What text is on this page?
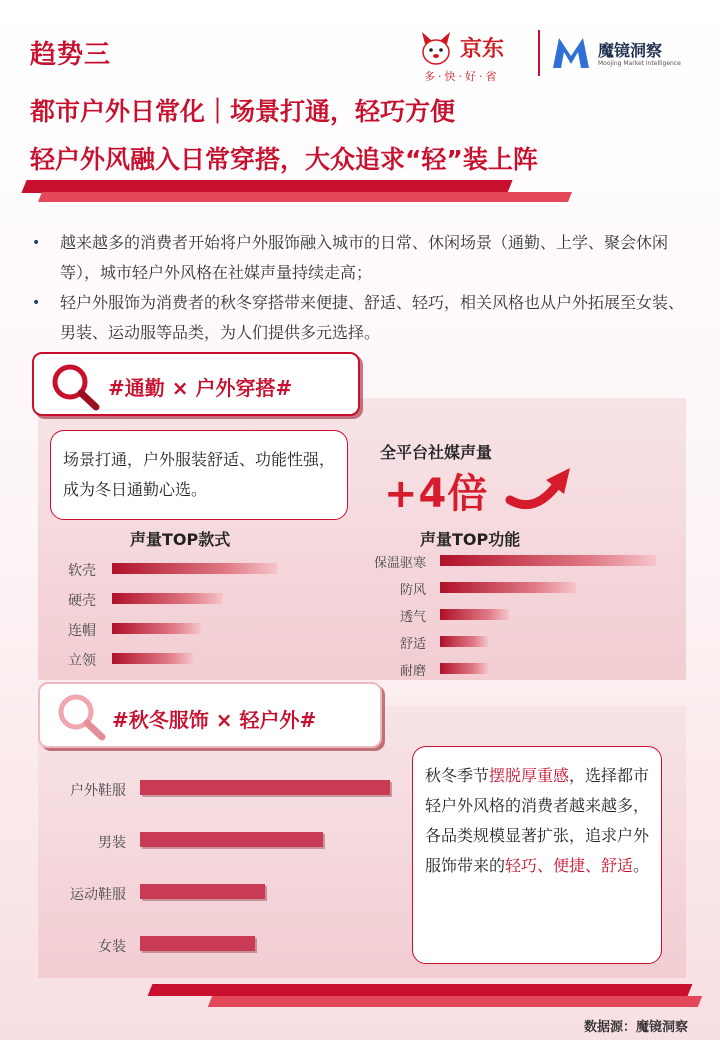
趋势三	京东
多·快·好·省
魔镜洞察
Moojing Market Intelligence
都市户外日常化｜场景打通，轻巧方便
轻户外风融入日常穿搭，大众追求“轻”装上阵
•	越来越多的消费者开始将户外服饰融入城市的日常、休闲场景（通勤、上学、聚会休闲等），城市轻户外风格在社媒声量持续走高；
•	轻户外服饰为消费者的秋冬穿搭带来便捷、舒适、轻巧，相关风格也从户外拓展至女装、男装、运动服等品类，为人们提供多元选择。
#通勤 × 户外穿搭#
场景打通，户外服装舒适、功能性强，成为冬日通勤心选。
全平台社媒声量
+4倍
声量TOP款式
软壳
硬壳
连帽
立领
声量TOP功能
保温驱寒
防风
透气
舒适
耐磨
#秋冬服饰 × 轻户外#
户外鞋服
男装
运动鞋服
女装
秋冬季节摆脱厚重感，选择都市轻户外风格的消费者越来越多，各品类规模显著扩张，追求户外服饰带来的轻巧、便捷、舒适。
数据源：魔镜洞察
